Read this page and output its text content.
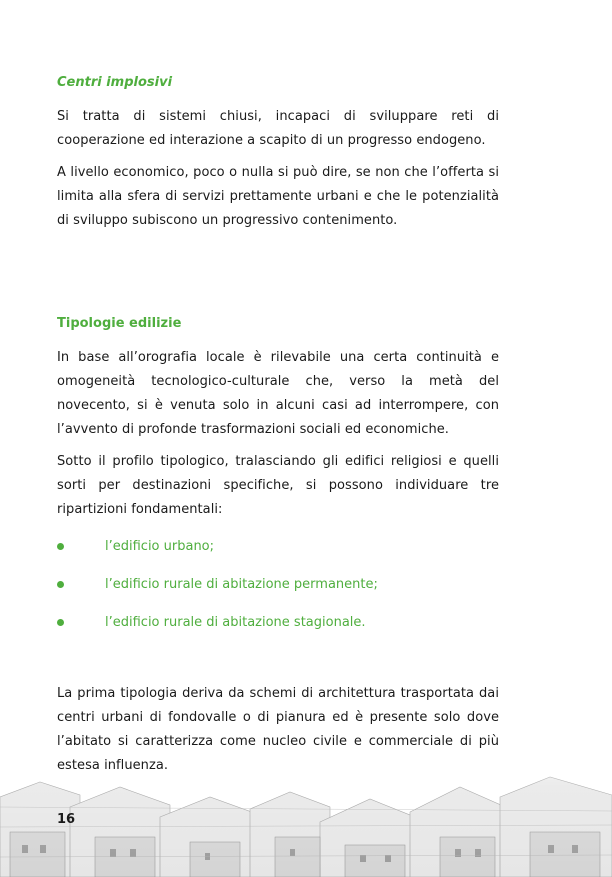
Centri implosivi

Si tratta di sistemi chiusi, incapaci di sviluppare reti di cooperazione ed interazione a scapito di un progresso endogeno.

A livello economico, poco o nulla si può dire, se non che l’offerta si limita alla sfera di servizi prettamente urbani e che le potenzialità di sviluppo subiscono un progressivo contenimento.

Tipologie edilizie

In base all’orografia locale è rilevabile una certa continuità e omogeneità tecnologico-culturale che, verso la metà del novecento, si è venuta solo in alcuni casi ad interrompere, con l’avvento di profonde trasformazioni sociali ed economiche.

Sotto il profilo tipologico, tralasciando gli edifici religiosi e quelli sorti per destinazioni specifiche, si possono individuare tre ripartizioni fondamentali:

l’edificio urbano;
l’edificio rurale di abitazione permanente;
l’edificio rurale di abitazione stagionale.

La prima tipologia deriva da schemi di architettura trasportata dai centri urbani di fondovalle o di pianura ed è presente solo dove l’abitato si caratterizza come nucleo civile e commerciale di più estesa influenza.

16
